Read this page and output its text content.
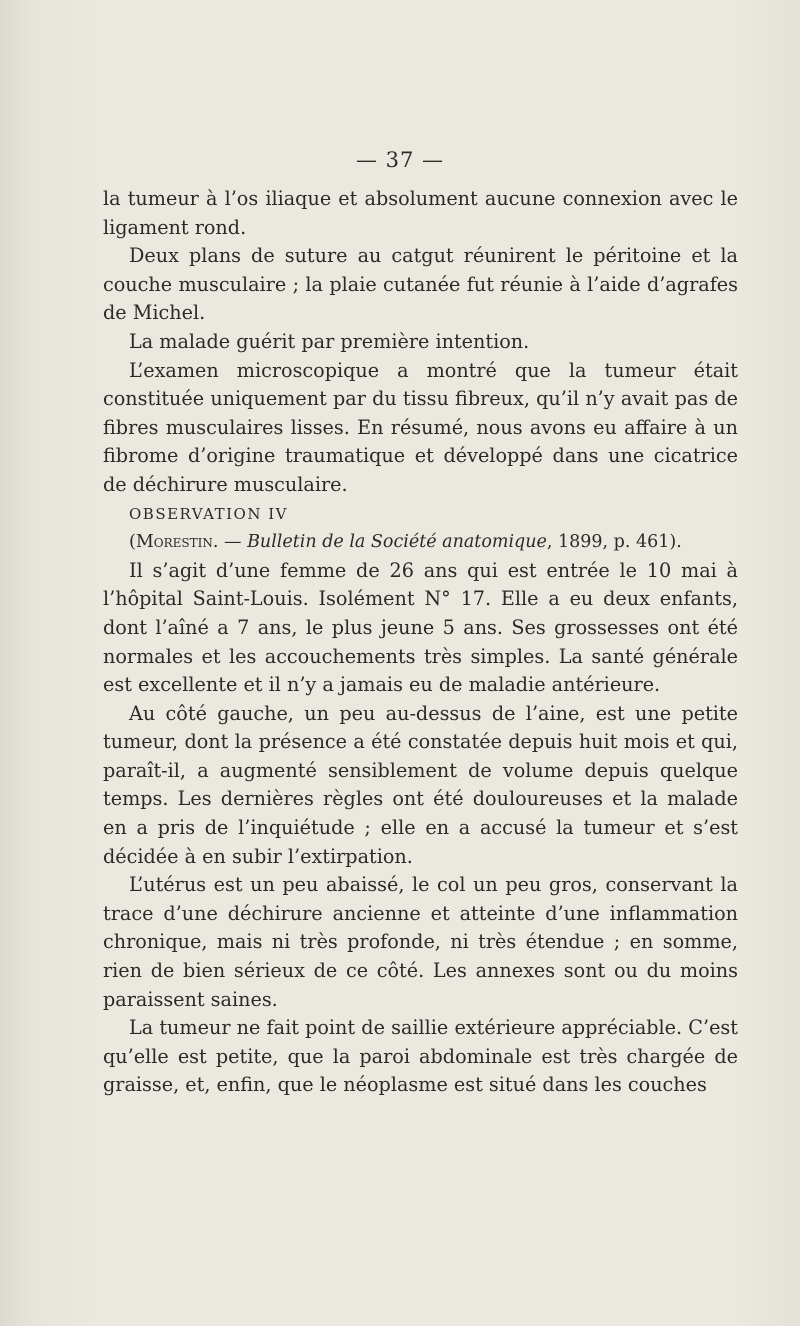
— 37 —

la tumeur à l’os iliaque et absolument aucune connexion avec le ligament rond.

Deux plans de suture au catgut réunirent le péritoine et la couche musculaire ; la plaie cutanée fut réunie à l’aide d’agrafes de Michel.

La malade guérit par première intention.

L’examen microscopique a montré que la tumeur était constituée uniquement par du tissu fibreux, qu’il n’y avait pas de fibres musculaires lisses. En résumé, nous avons eu affaire à un fibrome d’origine traumatique et développé dans une cicatrice de déchirure musculaire.

OBSERVATION IV

(Morestin. — Bulletin de la Société anatomique, 1899, p. 461).

Il s’agit d’une femme de 26 ans qui est entrée le 10 mai à l’hôpital Saint-Louis. Isolément N° 17. Elle a eu deux enfants, dont l’aîné a 7 ans, le plus jeune 5 ans. Ses grossesses ont été normales et les accouchements très simples. La santé générale est excellente et il n’y a jamais eu de maladie antérieure.

Au côté gauche, un peu au-dessus de l’aine, est une petite tumeur, dont la présence a été constatée depuis huit mois et qui, paraît-il, a augmenté sensiblement de volume depuis quelque temps. Les dernières règles ont été douloureuses et la malade en a pris de l’inquiétude ; elle en a accusé la tumeur et s’est décidée à en subir l’extirpation.

L’utérus est un peu abaissé, le col un peu gros, conservant la trace d’une déchirure ancienne et atteinte d’une inflammation chronique, mais ni très profonde, ni très étendue ; en somme, rien de bien sérieux de ce côté. Les annexes sont ou du moins paraissent saines.

La tumeur ne fait point de saillie extérieure appréciable. C’est qu’elle est petite, que la paroi abdominale est très chargée de graisse, et, enfin, que le néoplasme est situé dans les couches
